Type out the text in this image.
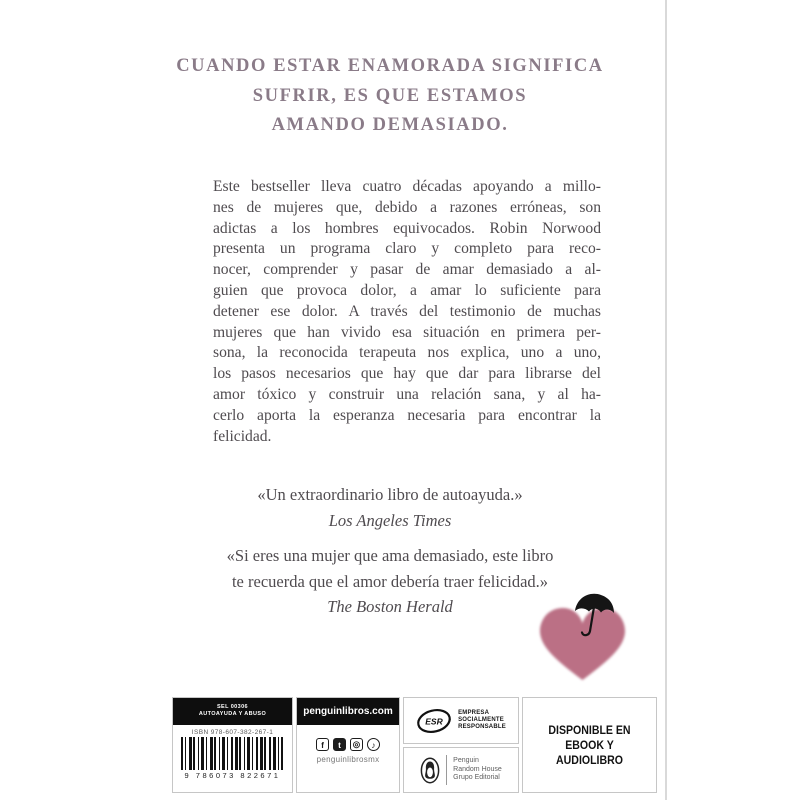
CUANDO ESTAR ENAMORADA SIGNIFICA
SUFRIR, ES QUE ESTAMOS
AMANDO DEMASIADO.
Este bestseller lleva cuatro décadas apoyando a millo-
nes de mujeres que, debido a razones erróneas, son
adictas a los hombres equivocados. Robin Norwood
presenta un programa claro y completo para reco-
nocer, comprender y pasar de amar demasiado a al-
guien que provoca dolor, a amar lo suficiente para
detener ese dolor. A través del testimonio de muchas
mujeres que han vivido esa situación en primera per-
sona, la reconocida terapeuta nos explica, uno a uno,
los pasos necesarios que hay que dar para librarse del
amor tóxico y construir una relación sana, y al ha-
cerlo aporta la esperanza necesaria para encontrar la
felicidad.
«Un extraordinario libro de autoayuda.»
Los Angeles Times
«Si eres una mujer que ama demasiado, este libro
te recuerda que el amor debería traer felicidad.»
The Boston Herald
SEL 00306
AUTOAYUDA Y ABUSO
ISBN 978-607-382-267-1
9 786073 822671
penguinlibros.com
f	t	◎	♪
penguinlibrosmx
ESR
EMPRESA
SOCIALMENTE
RESPONSABLE
Penguin
Random House
Grupo Editorial
DISPONIBLE EN
EBOOK Y AUDIOLIBRO
